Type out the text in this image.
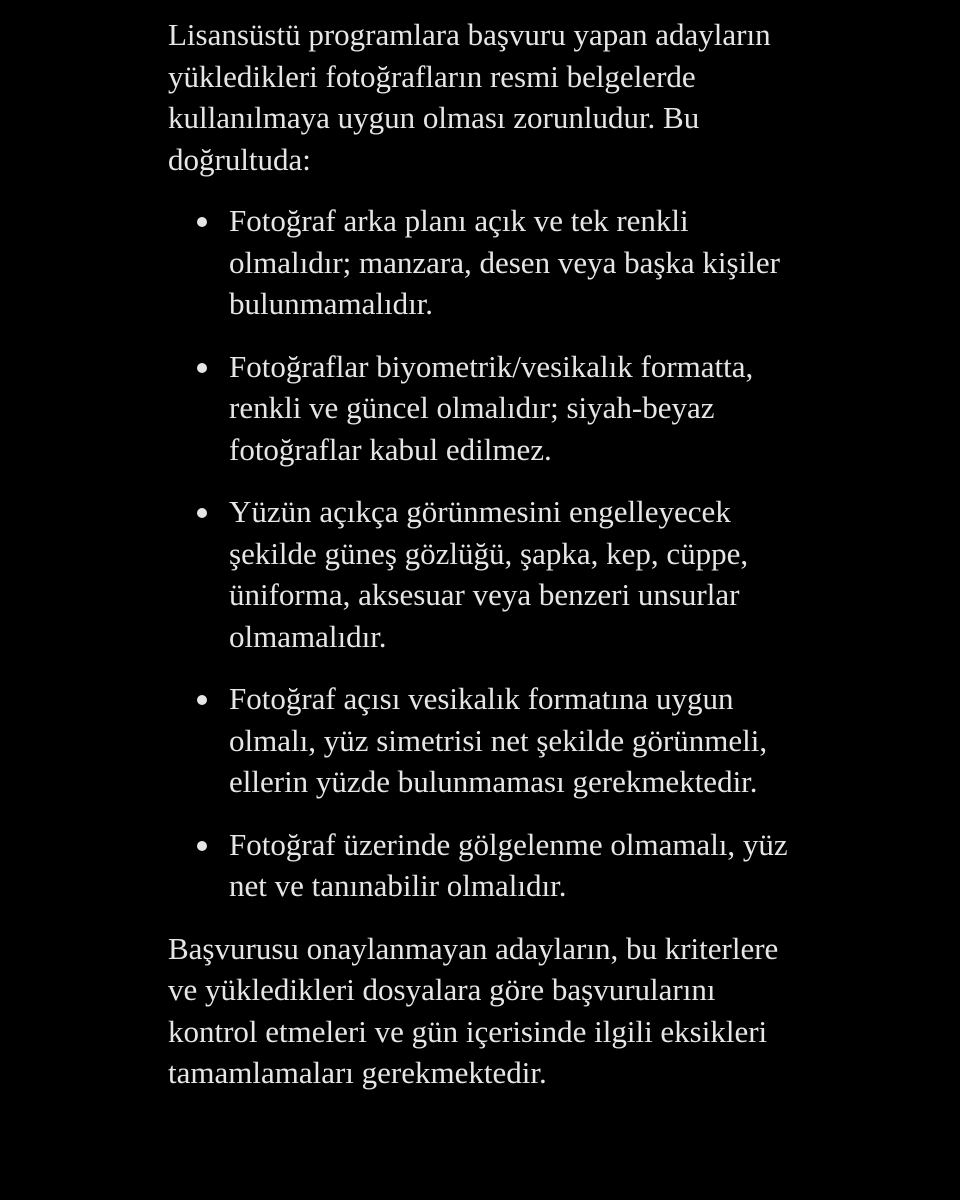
Lisansüstü programlara başvuru yapan adayların yükledikleri fotoğrafların resmi belgelerde kullanılmaya uygun olması zorunludur. Bu doğrultuda:

Fotoğraf arka planı açık ve tek renkli olmalıdır; manzara, desen veya başka kişiler bulunmamalıdır.
Fotoğraflar biyometrik/vesikalık formatta, renkli ve güncel olmalıdır; siyah-beyaz fotoğraflar kabul edilmez.
Yüzün açıkça görünmesini engelleyecek şekilde güneş gözlüğü, şapka, kep, cüppe, üniforma, aksesuar veya benzeri unsurlar olmamalıdır.
Fotoğraf açısı vesikalık formatına uygun olmalı, yüz simetrisi net şekilde görünmeli, ellerin yüzde bulunmaması gerekmektedir.
Fotoğraf üzerinde gölgelenme olmamalı, yüz net ve tanınabilir olmalıdır.

Başvurusu onaylanmayan adayların, bu kriterlere ve yükledikleri dosyalara göre başvurularını kontrol etmeleri ve gün içerisinde ilgili eksikleri tamamlamaları gerekmektedir.
